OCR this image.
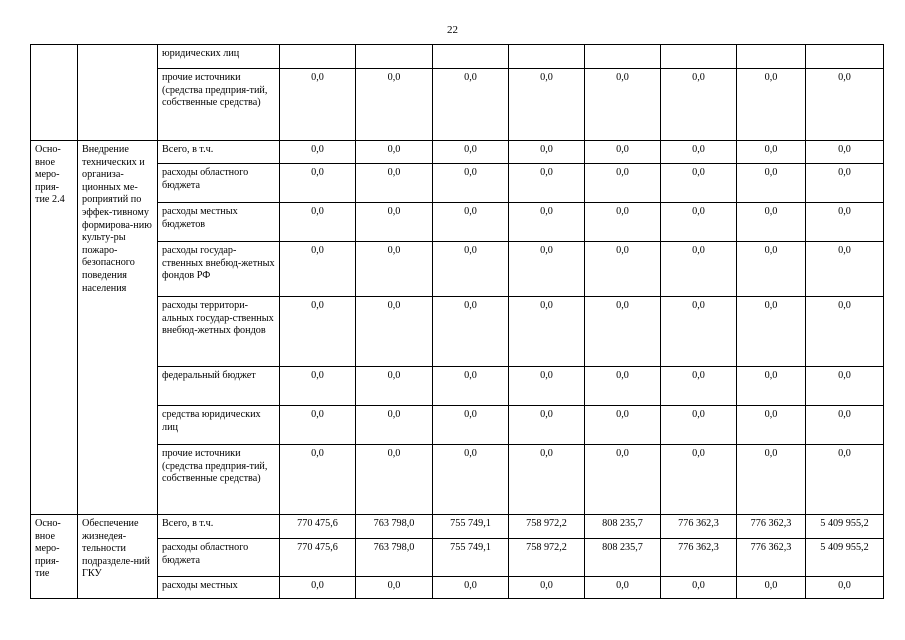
22
		юридических лиц								
		прочие источники (средства предприя-тий, собственные средства)	0,0	0,0	0,0	0,0	0,0	0,0	0,0	0,0
Осно-вное меро-прия-тие 2.4	Внедрение технических и организа-ционных ме-роприятий по эффек-тивному формирова-нию культу-ры пожаро-безопасного поведения населения	Всего, в т.ч.	0,0	0,0	0,0	0,0	0,0	0,0	0,0	0,0
		расходы областного бюджета	0,0	0,0	0,0	0,0	0,0	0,0	0,0	0,0
		расходы местных бюджетов	0,0	0,0	0,0	0,0	0,0	0,0	0,0	0,0
		расходы государ-ственных внебюд-жетных фондов РФ	0,0	0,0	0,0	0,0	0,0	0,0	0,0	0,0
		расходы территори-альных государ-ственных внебюд-жетных фондов	0,0	0,0	0,0	0,0	0,0	0,0	0,0	0,0
		федеральный бюджет	0,0	0,0	0,0	0,0	0,0	0,0	0,0	0,0
		средства юридических лиц	0,0	0,0	0,0	0,0	0,0	0,0	0,0	0,0
		прочие источники (средства предприя-тий, собственные средства)	0,0	0,0	0,0	0,0	0,0	0,0	0,0	0,0
Осно-вное меро-прия-тие	Обеспечение жизнедея-тельности подразделе-ний ГКУ	Всего, в т.ч.	770 475,6	763 798,0	755 749,1	758 972,2	808 235,7	776 362,3	776 362,3	5 409 955,2
		расходы областного бюджета	770 475,6	763 798,0	755 749,1	758 972,2	808 235,7	776 362,3	776 362,3	5 409 955,2
		расходы местных	0,0	0,0	0,0	0,0	0,0	0,0	0,0	0,0
